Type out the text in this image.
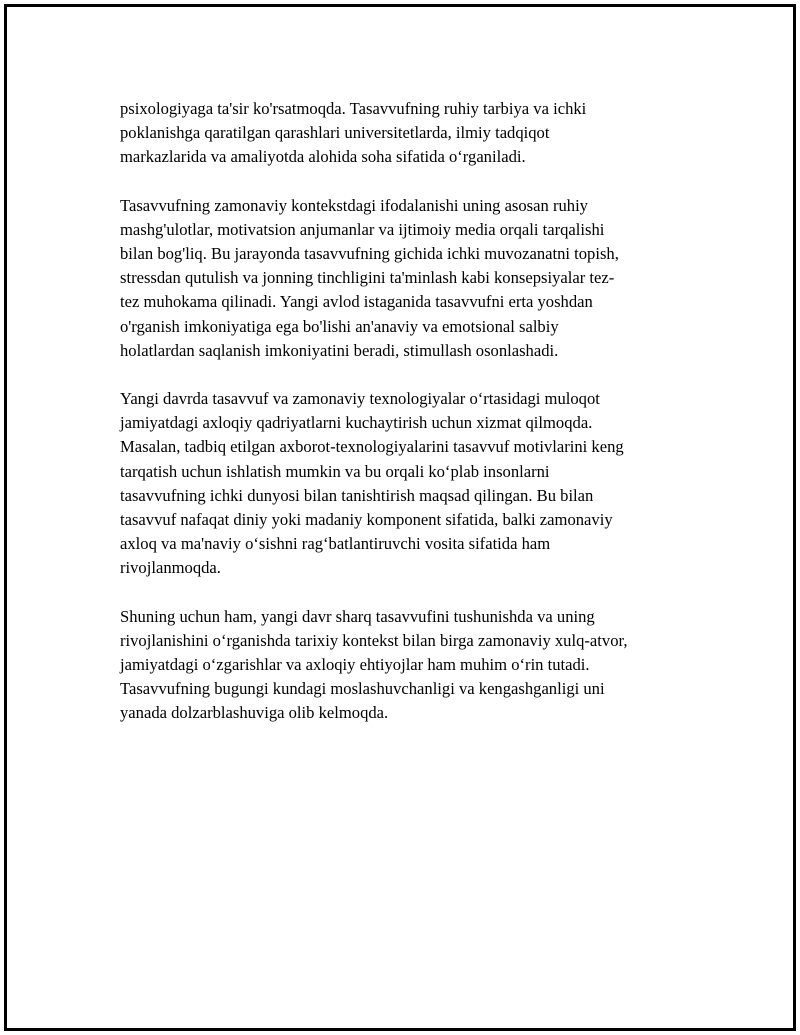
psixologiyaga ta'sir ko'rsatmoqda. Tasavvufning ruhiy tarbiya va ichki
poklanishga qaratilgan qarashlari universitetlarda, ilmiy tadqiqot
markazlarida va amaliyotda alohida soha sifatida o‘rganiladi.

Tasavvufning zamonaviy kontekstdagi ifodalanishi uning asosan ruhiy
mashg'ulotlar, motivatsion anjumanlar va ijtimoiy media orqali tarqalishi
bilan bog'liq. Bu jarayonda tasavvufning gichida ichki muvozanatni topish,
stressdan qutulish va jonning tinchligini ta'minlash kabi konsepsiyalar tez-
tez muhokama qilinadi. Yangi avlod istaganida tasavvufni erta yoshdan
o'rganish imkoniyatiga ega bo'lishi an'anaviy va emotsional salbiy
holatlardan saqlanish imkoniyatini beradi, stimullash osonlashadi.

Yangi davrda tasavvuf va zamonaviy texnologiyalar o‘rtasidagi muloqot
jamiyatdagi axloqiy qadriyatlarni kuchaytirish uchun xizmat qilmoqda.
Masalan, tadbiq etilgan axborot-texnologiyalarini tasavvuf motivlarini keng
tarqatish uchun ishlatish mumkin va bu orqali ko‘plab insonlarni
tasavvufning ichki dunyosi bilan tanishtirish maqsad qilingan. Bu bilan
tasavvuf nafaqat diniy yoki madaniy komponent sifatida, balki zamonaviy
axloq va ma'naviy o‘sishni rag‘batlantiruvchi vosita sifatida ham
rivojlanmoqda.

Shuning uchun ham, yangi davr sharq tasavvufini tushunishda va uning
rivojlanishini o‘rganishda tarixiy kontekst bilan birga zamonaviy xulq-atvor,
jamiyatdagi o‘zgarishlar va axloqiy ehtiyojlar ham muhim o‘rin tutadi.
Tasavvufning bugungi kundagi moslashuvchanligi va kengashganligi uni
yanada dolzarblashuviga olib kelmoqda.
